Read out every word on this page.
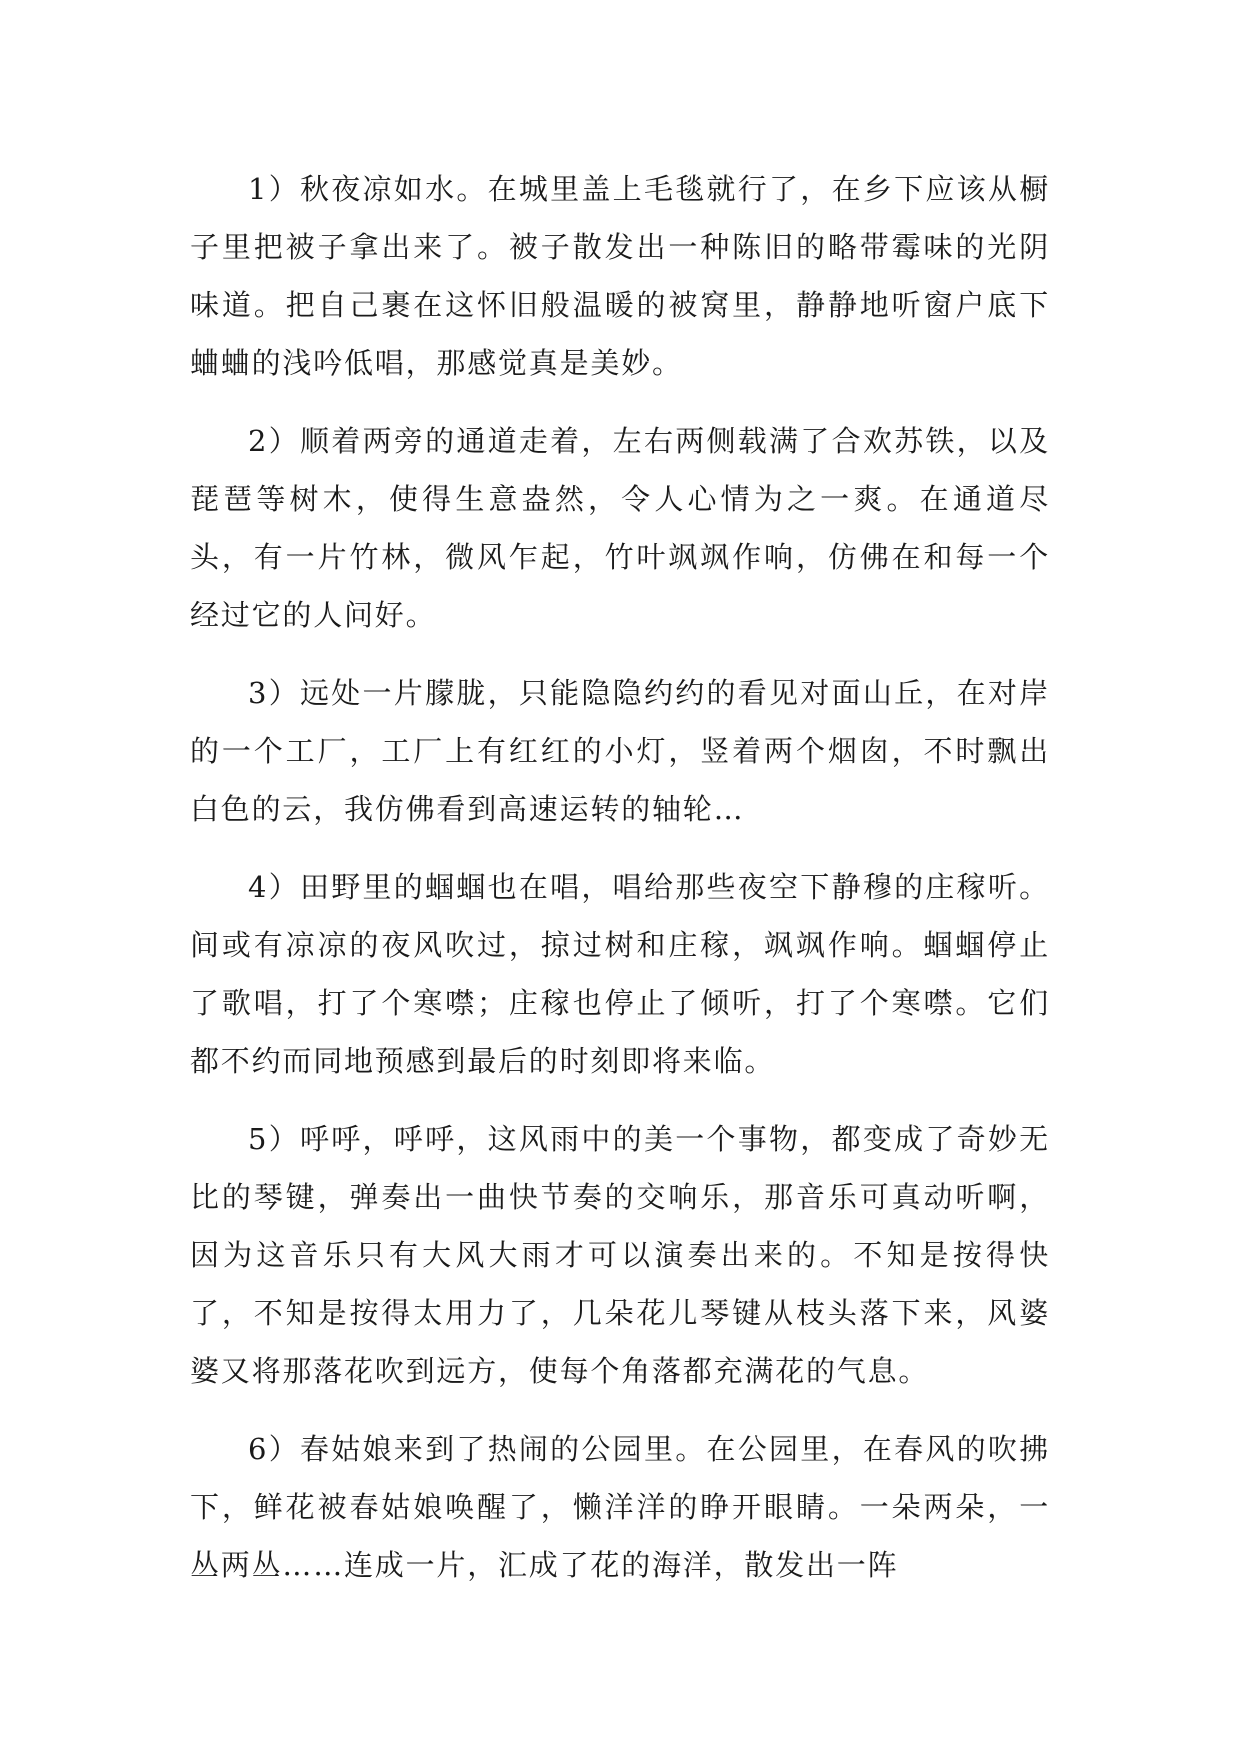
1）秋夜凉如水。在城里盖上毛毯就行了，在乡下应该从橱子里把被子拿出来了。被子散发出一种陈旧的略带霉味的光阴味道。把自己裹在这怀旧般温暖的被窝里，静静地听窗户底下蛐蛐的浅吟低唱，那感觉真是美妙。

2）顺着两旁的通道走着，左右两侧载满了合欢苏铁，以及琵琶等树木，使得生意盎然，令人心情为之一爽。在通道尽头，有一片竹林，微风乍起，竹叶飒飒作响，仿佛在和每一个经过它的人问好。

3）远处一片朦胧，只能隐隐约约的看见对面山丘，在对岸的一个工厂，工厂上有红红的小灯，竖着两个烟囱，不时飘出白色的云，我仿佛看到高速运转的轴轮…

4）田野里的蝈蝈也在唱，唱给那些夜空下静穆的庄稼听。间或有凉凉的夜风吹过，掠过树和庄稼，飒飒作响。蝈蝈停止了歌唱，打了个寒噤；庄稼也停止了倾听，打了个寒噤。它们都不约而同地预感到最后的时刻即将来临。

5）呼呼，呼呼，这风雨中的美一个事物，都变成了奇妙无比的琴键，弹奏出一曲快节奏的交响乐，那音乐可真动听啊，因为这音乐只有大风大雨才可以演奏出来的。不知是按得快了，不知是按得太用力了，几朵花儿琴键从枝头落下来，风婆婆又将那落花吹到远方，使每个角落都充满花的气息。

6）春姑娘来到了热闹的公园里。在公园里，在春风的吹拂下，鲜花被春姑娘唤醒了，懒洋洋的睁开眼睛。一朵两朵，一丛两丛……连成一片，汇成了花的海洋，散发出一阵
